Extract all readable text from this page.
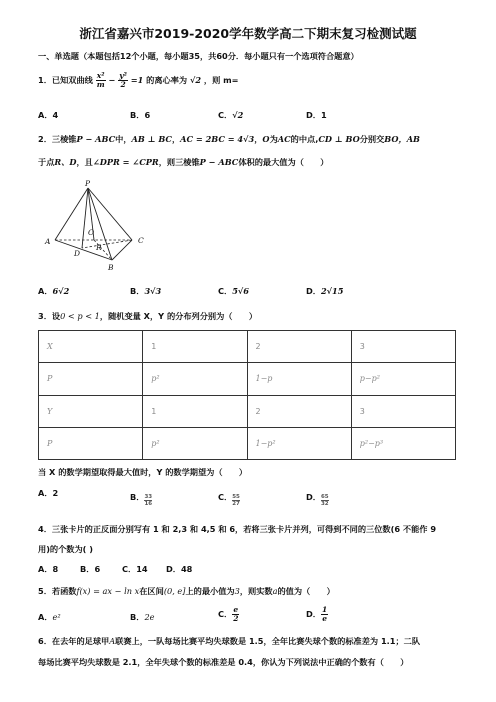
浙江省嘉兴市2019-2020学年数学高二下期末复习检测试题
一、单选题（本题包括12个小题，每小题35，共60分．每小题只有一个选项符合题意）
1．已知双曲线 $\frac{\text{x²}}{m} - \frac{\text{y²}}{2} =1$ 的离心率为 √2 ，则 m=
A．4	B．6	C．√2	D．1
2．三棱锥P − ABC中，AB ⊥ BC，AC = 2BC = 4√3，O为AC的中点,CD ⊥ BO分别交BO，AB
于点R、D，且∠DPR = ∠CPR，则三棱锥P − ABC体积的最大值为（　　）
P
A	C
B
D
O
R
A．6√2	B．3√3	C．5√6	D．2√15
3．设0 < p < 1，随机变量 X，Y 的分布列分别为（　　）
X	1	2	3
P	p²	1−p	p−p²
Y	1	2	3
P	p²	1−p²	p²−p³
当 X 的数学期望取得最大值时，Y 的数学期望为（　　）
A．2	B． $\frac{33}{16}$	C． $\frac{55}{27}$	D． $\frac{65}{32}$
4．三张卡片的正反面分别写有 1 和 2,3 和 4,5 和 6，若将三张卡片并列，可得到不同的三位数(6 不能作 9
用)的个数为( )
A．8	B．6	C．14 D．48
5．若函数f(x) = ax − ln x在区间(0, e]上的最小值为3，则实数a的值为（　　）
A．e²	B．2e	C． $\frac{e}{2}$	D． $\frac{1}{e}$
6．在去年的足球甲A联赛上，一队每场比赛平均失球数是 1.5，全年比赛失球个数的标准差为 1.1；二队
每场比赛平均失球数是 2.1，全年失球个数的标准差是 0.4，你认为下列说法中正确的个数有（　　）
